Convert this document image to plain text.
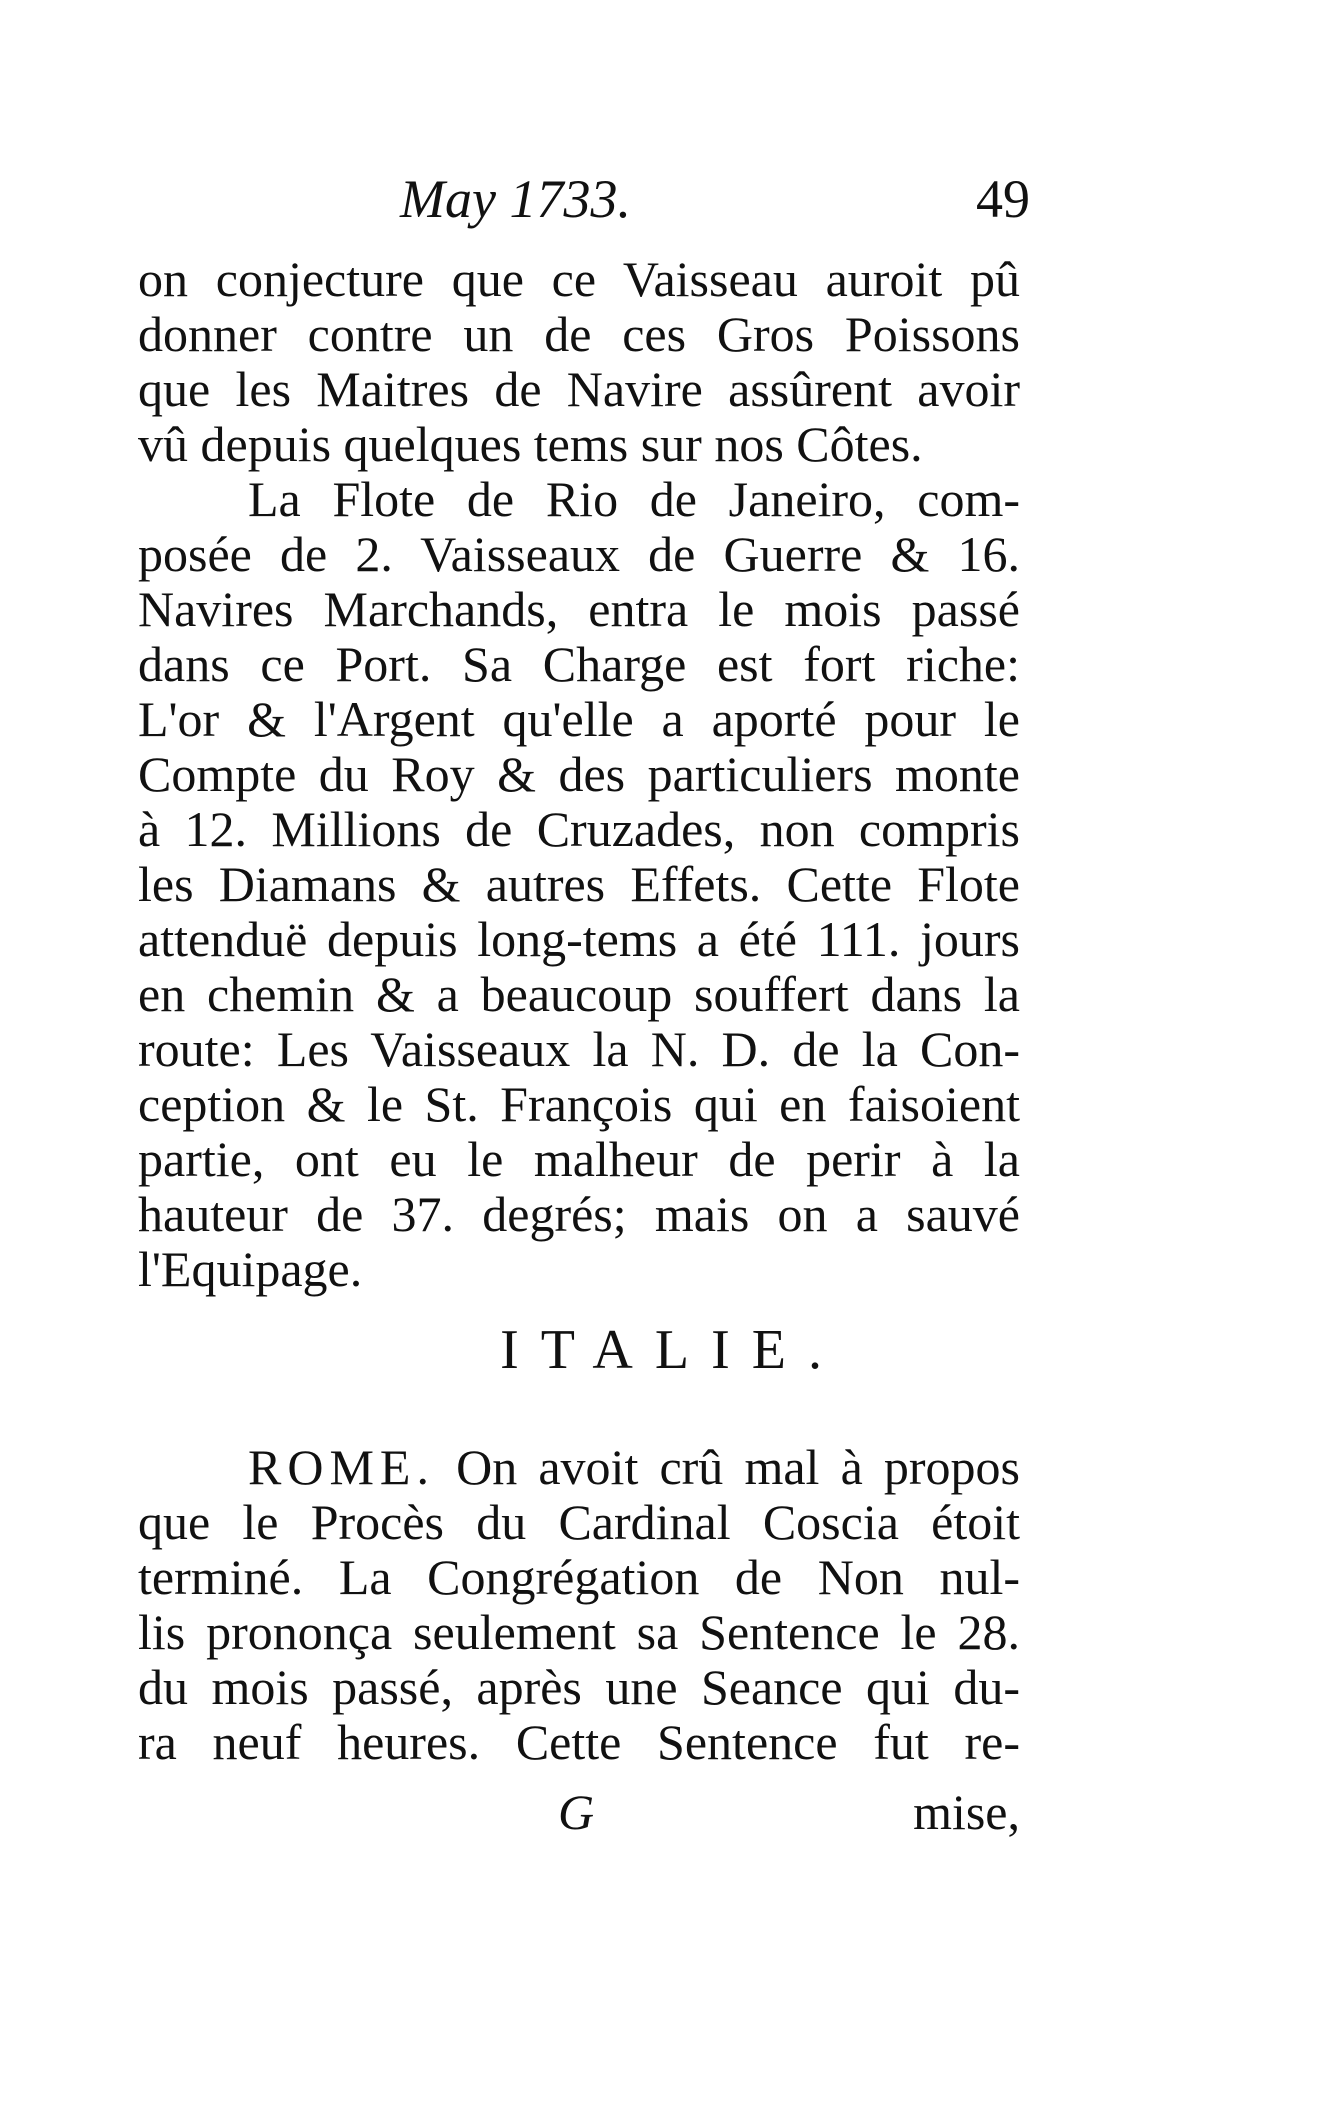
May 1733.	49
on conjecture que ce Vaisseau auroit pû
donner contre un de ces Gros Poissons
que les Maitres de Navire assûrent avoir
vû depuis quelques tems sur nos Côtes.
La Flote de Rio de Janeiro, com-
posée de 2. Vaisseaux de Guerre & 16.
Navires Marchands, entra le mois passé
dans ce Port. Sa Charge est fort riche:
L'or & l'Argent qu'elle a aporté pour le
Compte du Roy & des particuliers monte
à 12. Millions de Cruzades, non compris
les Diamans & autres Effets. Cette Flote
attenduë depuis long-tems a été 111. jours
en chemin & a beaucoup souffert dans la
route: Les Vaisseaux la N. D. de la Con-
ception & le St. François qui en faisoient
partie, ont eu le malheur de perir à la
hauteur de 37. degrés; mais on a sauvé
l'Equipage.
ITALIE.
ROME. On avoit crû mal à propos
que le Procès du Cardinal Coscia étoit
terminé. La Congrégation de Non nul-
lis prononça seulement sa Sentence le 28.
du mois passé, après une Seance qui du-
ra neuf heures. Cette Sentence fut re-
G	mise,
